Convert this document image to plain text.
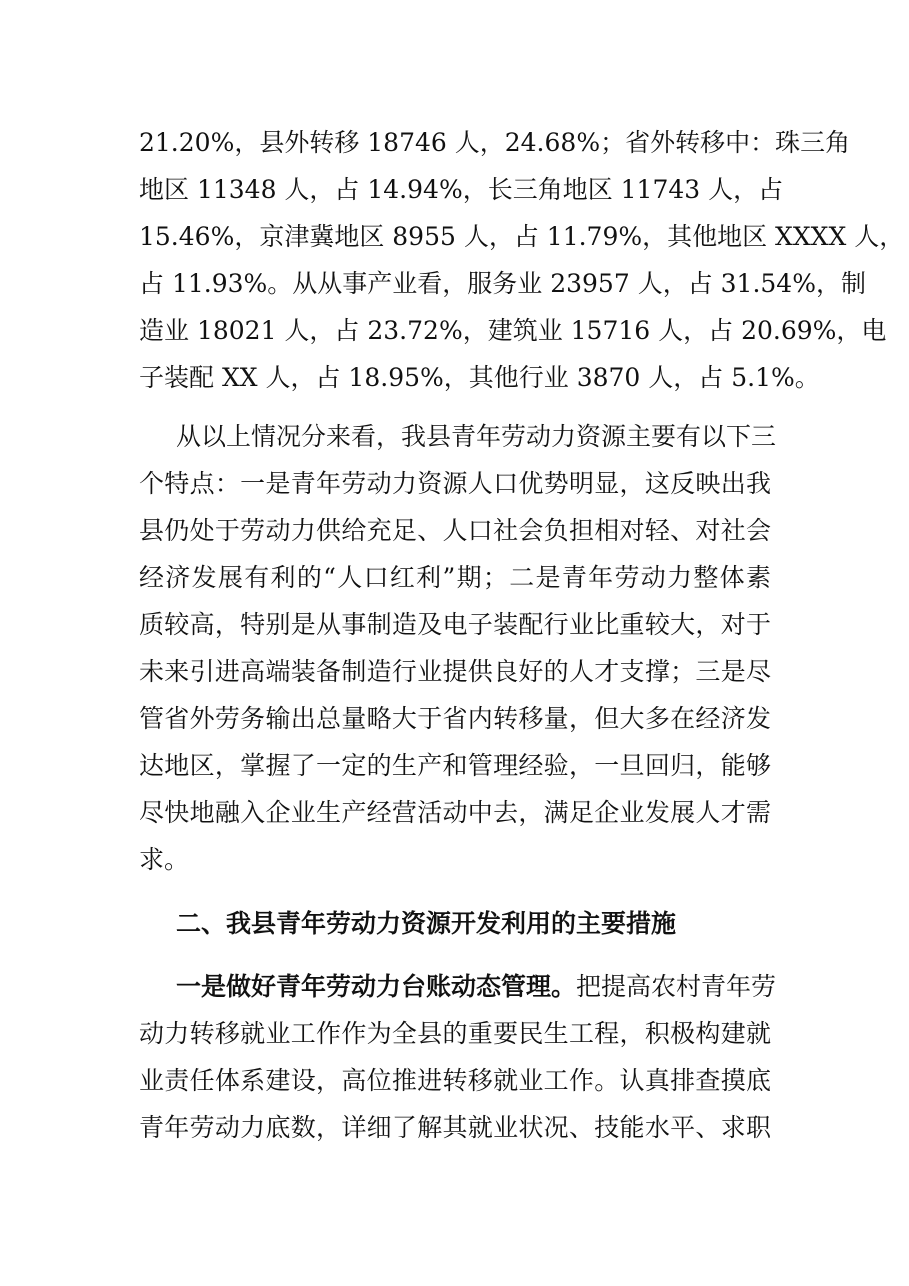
21.20%，县外转移 18746 人，24.68%；省外转移中：珠三角
地区 11348 人，占 14.94%，长三角地区 11743 人，占
15.46%，京津冀地区 8955 人，占 11.79%，其他地区 XXXX 人，
占 11.93%。从从事产业看，服务业 23957 人，占 31.54%，制
造业 18021 人，占 23.72%，建筑业 15716 人，占 20.69%，电
子装配 XX 人，占 18.95%，其他行业 3870 人，占 5.1%。
从以上情况分来看，我县青年劳动力资源主要有以下三
个特点：一是青年劳动力资源人口优势明显，这反映出我
县仍处于劳动力供给充足、人口社会负担相对轻、对社会
经济发展有利的“人口红利”期；二是青年劳动力整体素
质较高，特别是从事制造及电子装配行业比重较大，对于
未来引进高端装备制造行业提供良好的人才支撑；三是尽
管省外劳务输出总量略大于省内转移量，但大多在经济发
达地区，掌握了一定的生产和管理经验，一旦回归，能够
尽快地融入企业生产经营活动中去，满足企业发展人才需
求。
二、我县青年劳动力资源开发利用的主要措施
一是做好青年劳动力台账动态管理。把提高农村青年劳
动力转移就业工作作为全县的重要民生工程，积极构建就
业责任体系建设，高位推进转移就业工作。认真排查摸底
青年劳动力底数，详细了解其就业状况、技能水平、求职
